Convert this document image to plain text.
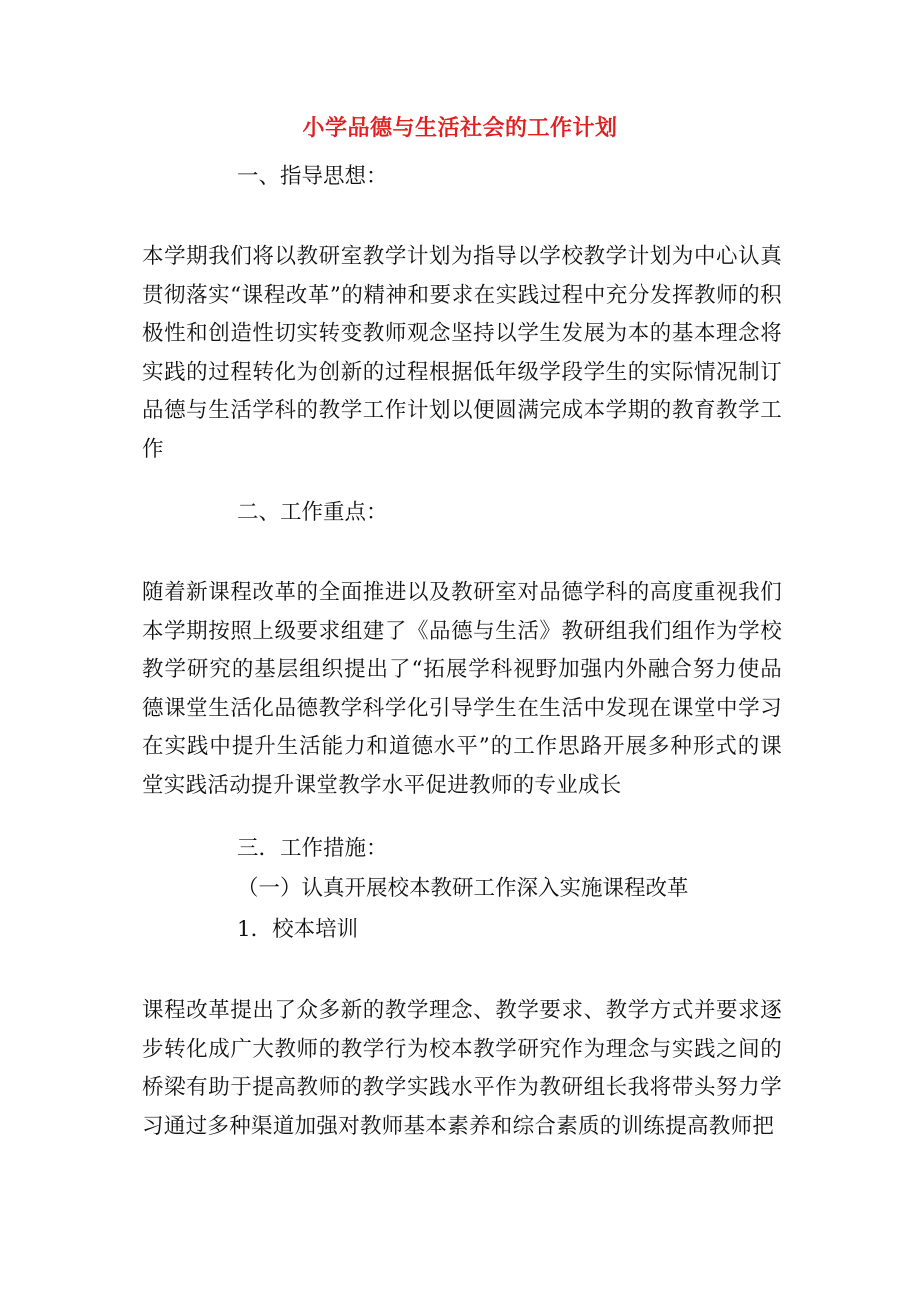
小学品德与生活社会的工作计划
一、指导思想：
本学期我们将以教研室教学计划为指导以学校教学计划为中心认真贯彻落实“课程改革”的精神和要求在实践过程中充分发挥教师的积极性和创造性切实转变教师观念坚持以学生发展为本的基本理念将实践的过程转化为创新的过程根据低年级学段学生的实际情况制订品德与生活学科的教学工作计划以便圆满完成本学期的教育教学工作
二、工作重点：
随着新课程改革的全面推进以及教研室对品德学科的高度重视我们本学期按照上级要求组建了《品德与生活》教研组我们组作为学校教学研究的基层组织提出了“拓展学科视野加强内外融合努力使品德课堂生活化品德教学科学化引导学生在生活中发现在课堂中学习在实践中提升生活能力和道德水平”的工作思路开展多种形式的课堂实践活动提升课堂教学水平促进教师的专业成长
三．工作措施：
（一）认真开展校本教研工作深入实施课程改革
1．校本培训
课程改革提出了众多新的教学理念、教学要求、教学方式并要求逐步转化成广大教师的教学行为校本教学研究作为理念与实践之间的桥梁有助于提高教师的教学实践水平作为教研组长我将带头努力学习通过多种渠道加强对教师基本素养和综合素质的训练提高教师把
